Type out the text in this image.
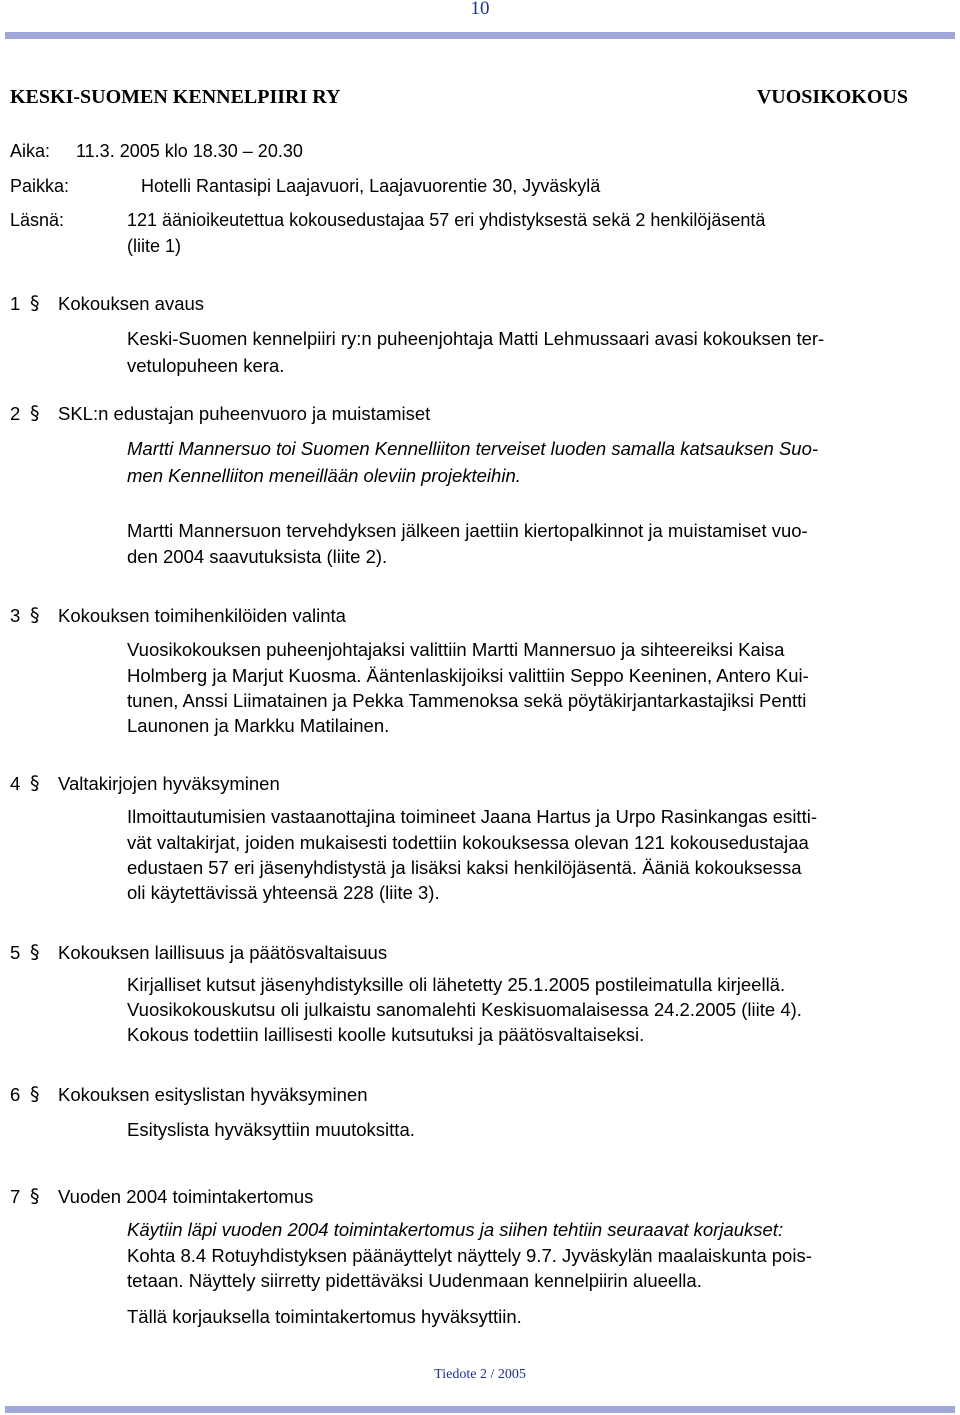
10
KESKI-SUOMEN KENNELPIIRI RY	VUOSIKOKOUS
Aika: 11.3. 2005 klo 18.30 – 20.30
Paikka:	Hotelli Rantasipi Laajavuori, Laajavuorentie 30, Jyväskylä
Läsnä:	121 äänioikeutettua kokousedustajaa 57 eri yhdistyksestä sekä 2 henkilöjäsentä
(liite 1)
1 § Kokouksen avaus
Keski-Suomen kennelpiiri ry:n puheenjohtaja Matti Lehmussaari avasi kokouksen ter-
vetulopuheen kera.
2 § SKL:n edustajan puheenvuoro ja muistamiset
Martti Mannersuo toi Suomen Kennelliiton terveiset luoden samalla katsauksen Suo-
men Kennelliiton meneillään oleviin projekteihin.
Martti Mannersuon tervehdyksen jälkeen jaettiin kiertopalkinnot ja muistamiset vuo-
den 2004 saavutuksista (liite 2).
3 § Kokouksen toimihenkilöiden valinta
Vuosikokouksen puheenjohtajaksi valittiin Martti Mannersuo ja sihteereiksi Kaisa
Holmberg ja Marjut Kuosma. Ääntenlaskijoiksi valittiin Seppo Keeninen, Antero Kui-
tunen, Anssi Liimatainen ja Pekka Tammenoksa sekä pöytäkirjantarkastajiksi Pentti
Launonen ja Markku Matilainen.
4 § Valtakirjojen hyväksyminen
Ilmoittautumisien vastaanottajina toimineet Jaana Hartus ja Urpo Rasinkangas esitti-
vät valtakirjat, joiden mukaisesti todettiin kokouksessa olevan 121 kokousedustajaa
edustaen 57 eri jäsenyhdistystä ja lisäksi kaksi henkilöjäsentä. Ääniä kokouksessa
oli käytettävissä yhteensä 228 (liite 3).
5 § Kokouksen laillisuus ja päätösvaltaisuus
Kirjalliset kutsut jäsenyhdistyksille oli lähetetty 25.1.2005 postileimatulla kirjeellä.
Vuosikokouskutsu oli julkaistu sanomalehti Keskisuomalaisessa 24.2.2005 (liite 4).
Kokous todettiin laillisesti koolle kutsutuksi ja päätösvaltaiseksi.
6 § Kokouksen esityslistan hyväksyminen
Esityslista hyväksyttiin muutoksitta.
7 § Vuoden 2004 toimintakertomus
Käytiin läpi vuoden 2004 toimintakertomus ja siihen tehtiin seuraavat korjaukset:
Kohta 8.4 Rotuyhdistyksen päänäyttelyt näyttely 9.7. Jyväskylän maalaiskunta pois-
tetaan. Näyttely siirretty pidettäväksi Uudenmaan kennelpiirin alueella.
Tällä korjauksella toimintakertomus hyväksyttiin.
Tiedote 2 / 2005
